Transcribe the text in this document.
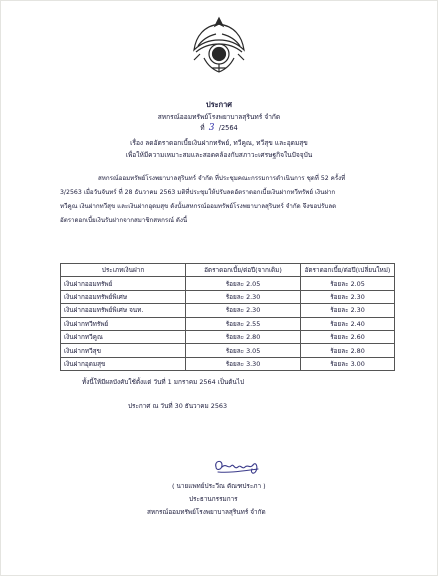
ประกาศ
สหกรณ์ออมทรัพย์โรงพยาบาลสุรินทร์ จำกัด
ที่ 3 /2564
เรื่อง ลดอัตราดอกเบี้ยเงินฝากทรัพย์, ทวีคูณ, ทวีสุข และอุดมสุข
เพื่อให้มีความเหมาะสมและสอดคล้องกับสภาวะเศรษฐกิจในปัจจุบัน
สหกรณ์ออมทรัพย์โรงพยาบาลสุรินทร์ จำกัด ที่ประชุมคณะกรรมการดำเนินการ ชุดที่ 52 ครั้งที่
3/2563 เมื่อวันจันทร์ ที่ 28 ธันวาคม 2563 มติที่ประชุมให้ปรับลดอัตราดอกเบี้ยเงินฝากทวีทรัพย์ เงินฝาก
ทวีคูณ เงินฝากทวีสุข และเงินฝากอุดมสุข ดังนั้นสหกรณ์ออมทรัพย์โรงพยาบาลสุรินทร์ จำกัด จึงขอปรับลด
อัตราดอกเบี้ยเงินรับฝากจากสมาชิกสหกรณ์ ดังนี้
ประเภทเงินฝาก	อัตราดอกเบี้ย/ต่อปี(จากเดิม)	อัตราดอกเบี้ย/ต่อปี(เปลี่ยนใหม่)
เงินฝากออมทรัพย์	ร้อยละ 2.05	ร้อยละ 2.05
เงินฝากออมทรัพย์พิเศษ	ร้อยละ 2.30	ร้อยละ 2.30
เงินฝากออมทรัพย์พิเศษ จนท.	ร้อยละ 2.30	ร้อยละ 2.30
เงินฝากทวีทรัพย์	ร้อยละ 2.55	ร้อยละ 2.40
เงินฝากทวีคูณ	ร้อยละ 2.80	ร้อยละ 2.60
เงินฝากทวีสุข	ร้อยละ 3.05	ร้อยละ 2.80
เงินฝากอุดมสุข	ร้อยละ 3.30	ร้อยละ 3.00
ทั้งนี้ให้มีผลบังคับใช้ตั้งแต่ วันที่ 1 มกราคม 2564 เป็นต้นไป
ประกาศ ณ วันที่ 30 ธันวาคม 2563
( นายแพทย์ประวีณ ตัณฑประภา )
ประธานกรรมการ
สหกรณ์ออมทรัพย์โรงพยาบาลสุรินทร์ จำกัด
